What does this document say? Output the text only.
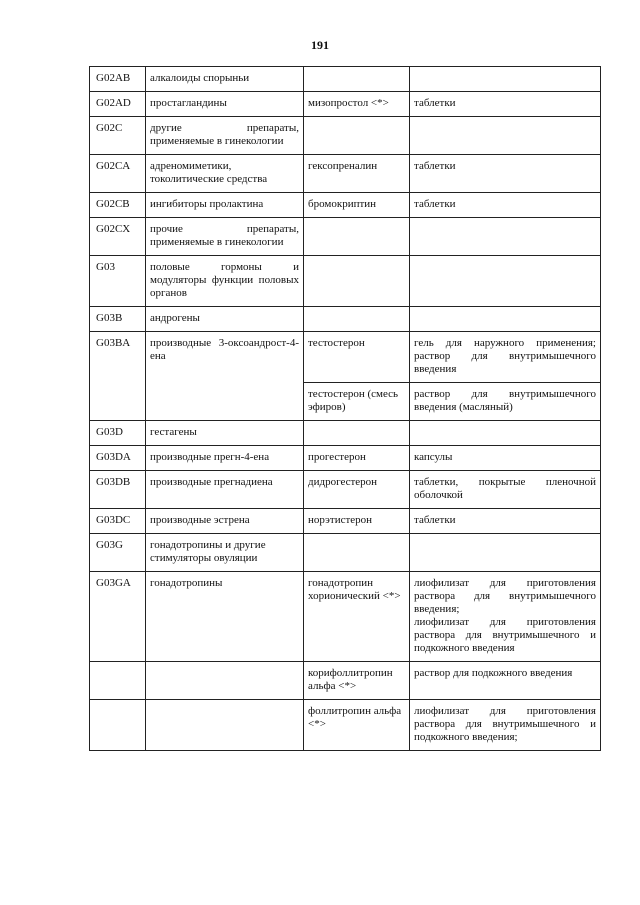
191
G02AB	алкалоиды спорыньи		
G02AD	простагландины	мизопростол <*>	таблетки
G02C	другие препараты, применяемые в гинекологии		
G02CA	адреномиметики, токолитические средства	гексопреналин	таблетки
G02CB	ингибиторы пролактина	бромокриптин	таблетки
G02CX	прочие препараты, применяемые в гинекологии		
G03	половые гормоны и модуляторы функции половых органов		
G03B	андрогены		
G03BA	производные 3-оксоандрост-4-ена	тестостерон	гель для наружного применения; раствор для внутримышечного введения
		тестостерон (смесь эфиров)	раствор для внутримышечного введения (масляный)
G03D	гестагены		
G03DA	производные прегн-4-ена	прогестерон	капсулы
G03DB	производные прегнадиена	дидрогестерон	таблетки, покрытые пленочной оболочкой
G03DC	производные эстрена	норэтистерон	таблетки
G03G	гонадотропины и другие стимуляторы овуляции		
G03GA	гонадотропины	гонадотропин хорионический <*>	лиофилизат для приготовления раствора для внутримышечного введения;
лиофилизат для приготовления раствора для внутримышечного и подкожного введения

		корифоллитропин альфа <*>	раствор для подкожного введения
		фоллитропин альфа <*>	лиофилизат для приготовления раствора для внутримышечного и подкожного введения;
